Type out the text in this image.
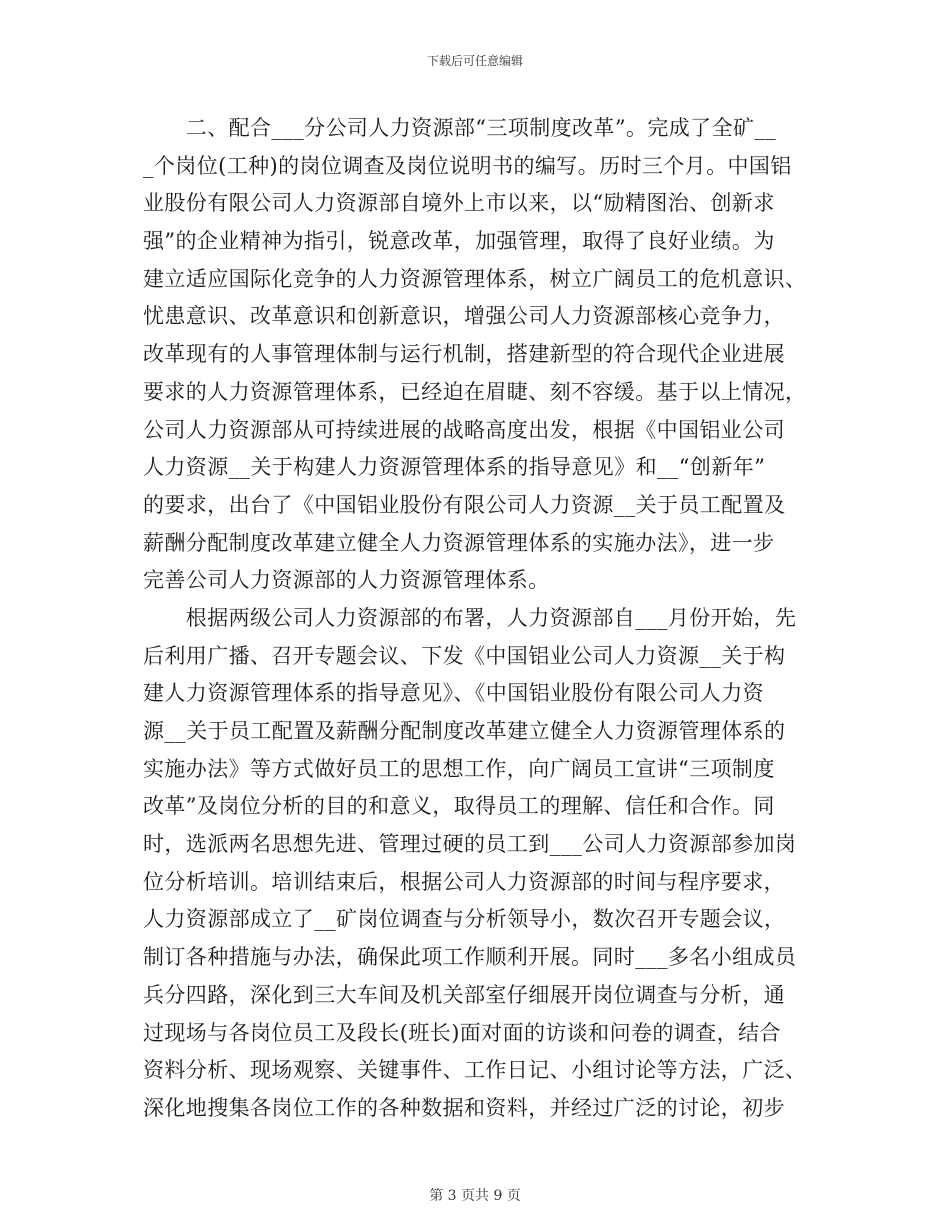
下载后可任意编辑
　　二、配合___分公司人力资源部“三项制度改革”。完成了全矿__
_个岗位(工种)的岗位调查及岗位说明书的编写。历时三个月。中国铝
业股份有限公司人力资源部自境外上市以来，以“励精图治、创新求
强”的企业精神为指引，锐意改革，加强管理，取得了良好业绩。为
建立适应国际化竞争的人力资源管理体系，树立广阔员工的危机意识、
忧患意识、改革意识和创新意识，增强公司人力资源部核心竞争力，
改革现有的人事管理体制与运行机制，搭建新型的符合现代企业进展
要求的人力资源管理体系，已经迫在眉睫、刻不容缓。基于以上情况，
公司人力资源部从可持续进展的战略高度出发，根据《中国铝业公司
人力资源__关于构建人力资源管理体系的指导意见》和__“创新年”
的要求，出台了《中国铝业股份有限公司人力资源__关于员工配置及
薪酬分配制度改革建立健全人力资源管理体系的实施办法》，进一步
完善公司人力资源部的人力资源管理体系。
　　根据两级公司人力资源部的布署，人力资源部自___月份开始，先
后利用广播、召开专题会议、下发《中国铝业公司人力资源__关于构
建人力资源管理体系的指导意见》、《中国铝业股份有限公司人力资
源__关于员工配置及薪酬分配制度改革建立健全人力资源管理体系的
实施办法》等方式做好员工的思想工作，向广阔员工宣讲“三项制度
改革”及岗位分析的目的和意义，取得员工的理解、信任和合作。同
时，选派两名思想先进、管理过硬的员工到___公司人力资源部参加岗
位分析培训。培训结束后，根据公司人力资源部的时间与程序要求，
人力资源部成立了__矿岗位调查与分析领导小，数次召开专题会议，
制订各种措施与办法，确保此项工作顺利开展。同时___多名小组成员
兵分四路，深化到三大车间及机关部室仔细展开岗位调查与分析，通
过现场与各岗位员工及段长(班长)面对面的访谈和问卷的调查，结合
资料分析、现场观察、关键事件、工作日记、小组讨论等方法，广泛、
深化地搜集各岗位工作的各种数据和资料，并经过广泛的讨论，初步
第 3 页共 9 页
